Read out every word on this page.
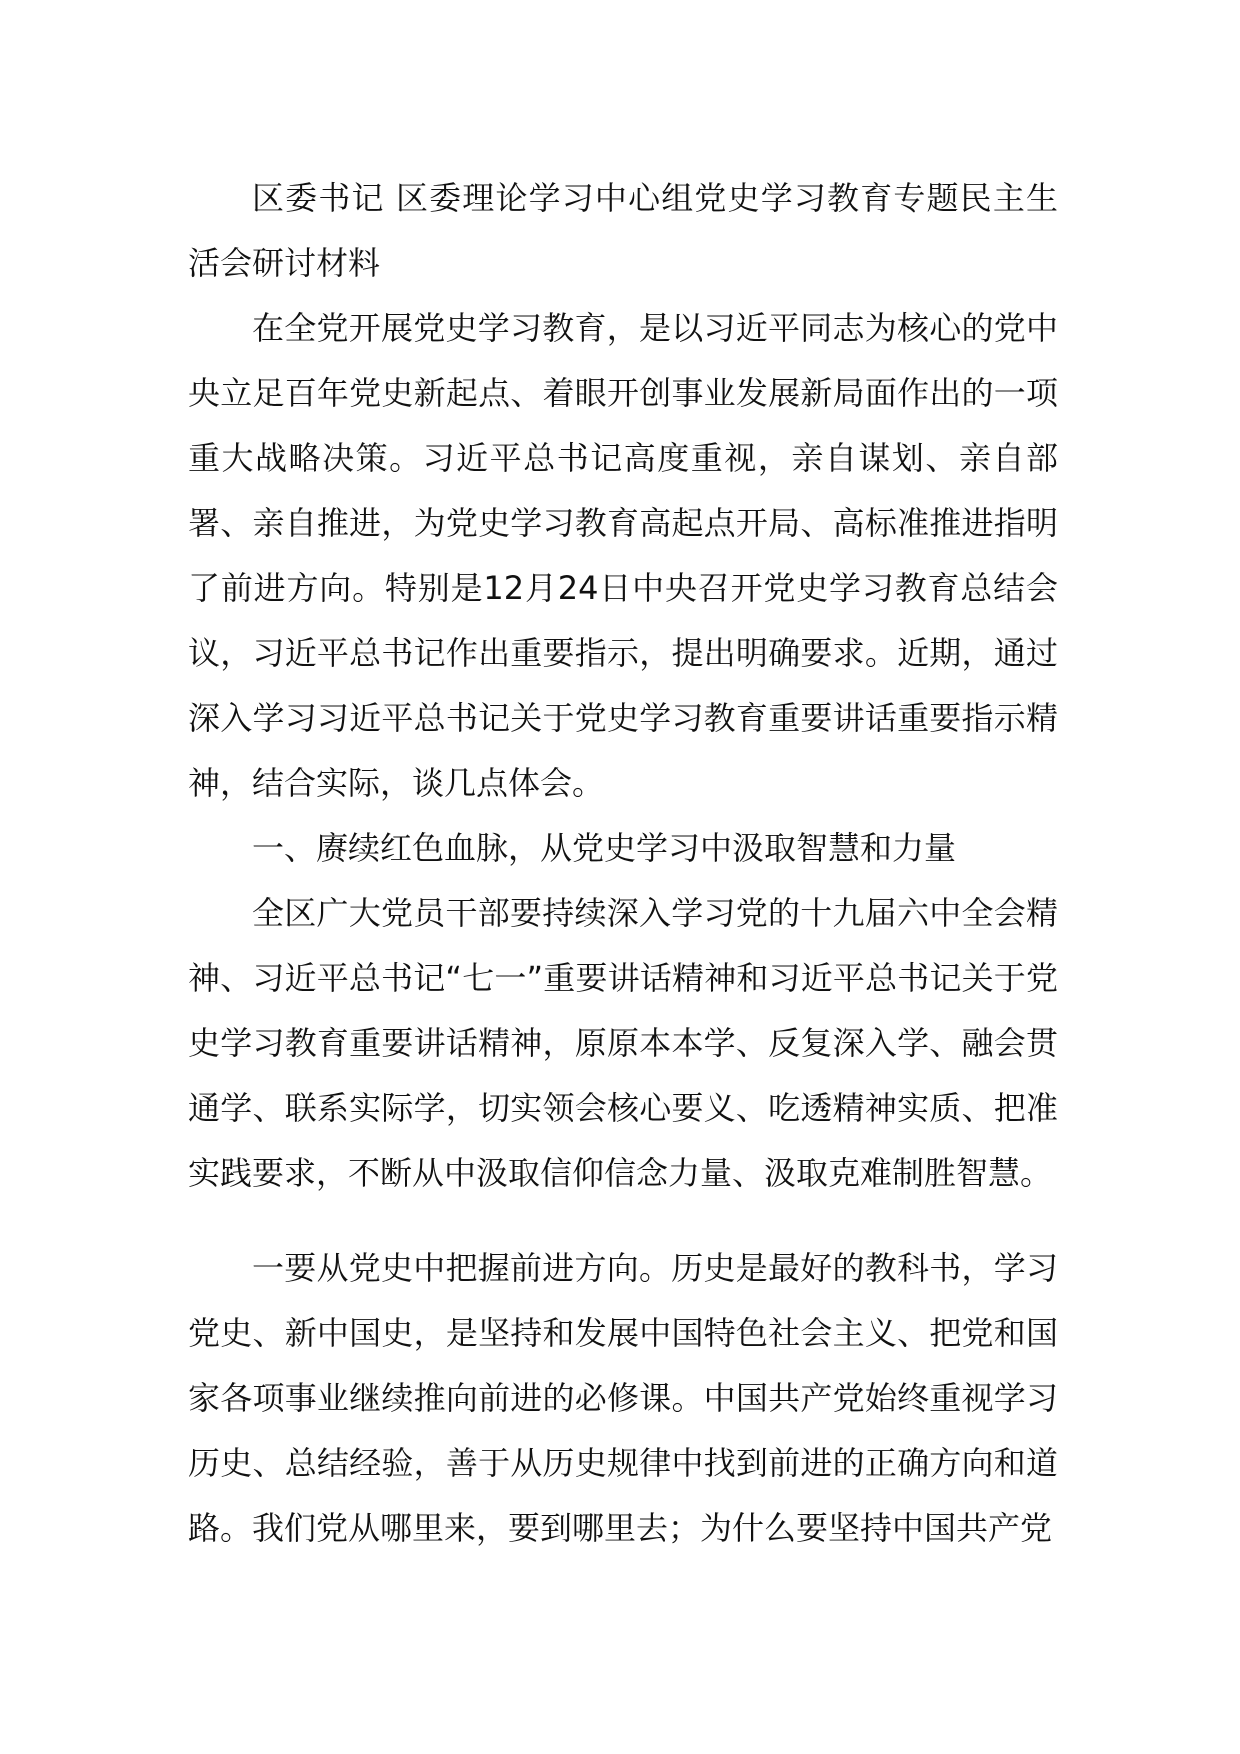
区委书记 区委理论学习中心组党史学习教育专题民主生活会研讨材料

在全党开展党史学习教育，是以习近平同志为核心的党中央立足百年党史新起点、着眼开创事业发展新局面作出的一项重大战略决策。习近平总书记高度重视，亲自谋划、亲自部署、亲自推进，为党史学习教育高起点开局、高标准推进指明了前进方向。特别是12月24日中央召开党史学习教育总结会议，习近平总书记作出重要指示，提出明确要求。近期，通过深入学习习近平总书记关于党史学习教育重要讲话重要指示精神，结合实际，谈几点体会。

一、赓续红色血脉，从党史学习中汲取智慧和力量

全区广大党员干部要持续深入学习党的十九届六中全会精神、习近平总书记“七一”重要讲话精神和习近平总书记关于党史学习教育重要讲话精神，原原本本学、反复深入学、融会贯通学、联系实际学，切实领会核心要义、吃透精神实质、把准实践要求，不断从中汲取信仰信念力量、汲取克难制胜智慧。

一要从党史中把握前进方向。历史是最好的教科书，学习党史、新中国史，是坚持和发展中国特色社会主义、把党和国家各项事业继续推向前进的必修课。中国共产党始终重视学习历史、总结经验，善于从历史规律中找到前进的正确方向和道路。我们党从哪里来，要到哪里去；为什么要坚持中国共产党
